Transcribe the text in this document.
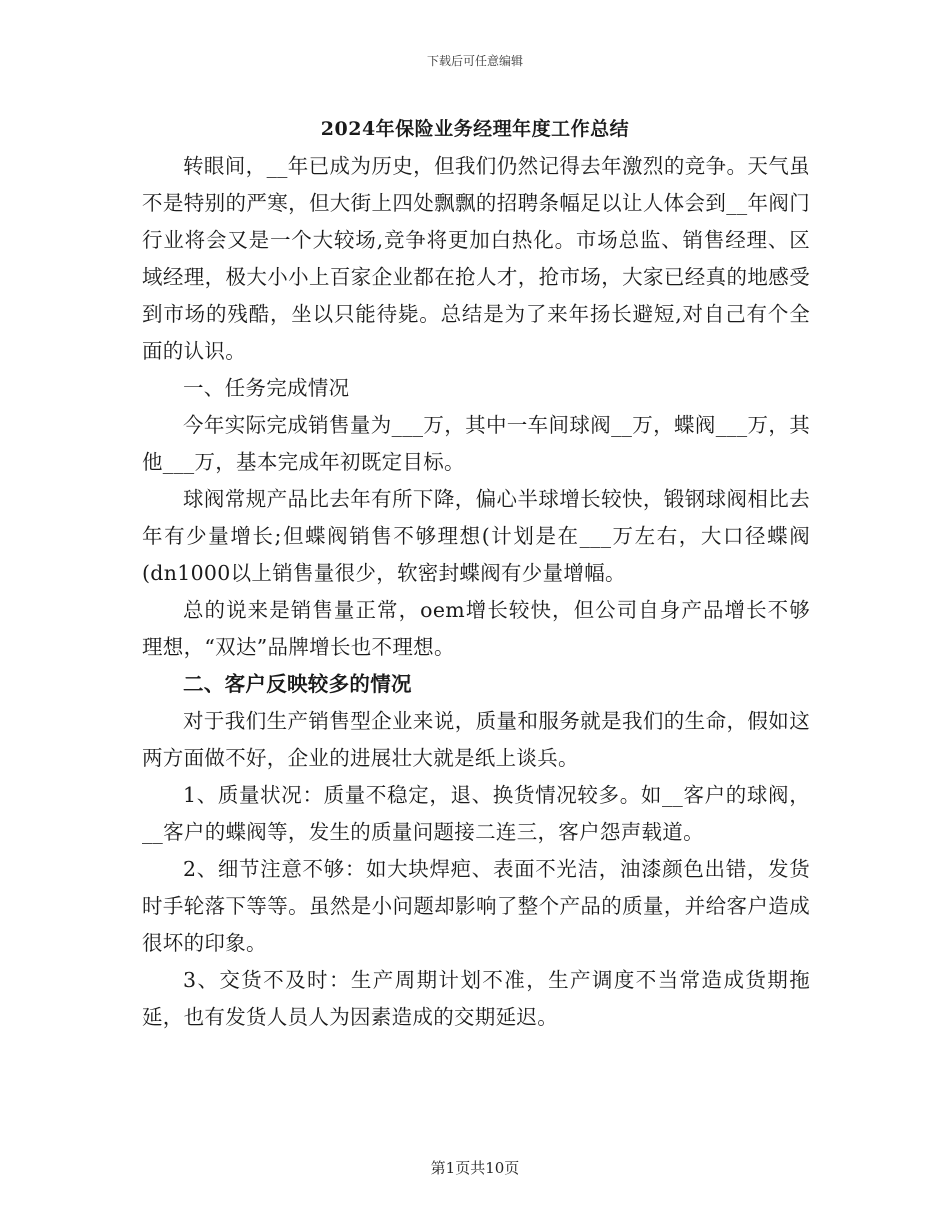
下载后可任意编辑
2024年保险业务经理年度工作总结

转眼间，__年已成为历史，但我们仍然记得去年激烈的竞争。天气虽不是特别的严寒，但大街上四处飘飘的招聘条幅足以让人体会到__年阀门行业将会又是一个大较场,竞争将更加白热化。市场总监、销售经理、区域经理，极大小小上百家企业都在抢人才，抢市场，大家已经真的地感受到市场的残酷，坐以只能待毙。总结是为了来年扬长避短,对自己有个全面的认识。

一、任务完成情况

今年实际完成销售量为___万，其中一车间球阀__万，蝶阀___万，其他___万，基本完成年初既定目标。

球阀常规产品比去年有所下降，偏心半球增长较快，锻钢球阀相比去年有少量增长;但蝶阀销售不够理想(计划是在___万左右，大口径蝶阀(dn1000以上销售量很少，软密封蝶阀有少量增幅。

总的说来是销售量正常，oem增长较快，但公司自身产品增长不够理想，“双达”品牌增长也不理想。

二、客户反映较多的情况

对于我们生产销售型企业来说，质量和服务就是我们的生命，假如这两方面做不好，企业的进展壮大就是纸上谈兵。

1、质量状况：质量不稳定，退、换货情况较多。如__客户的球阀，__客户的蝶阀等，发生的质量问题接二连三，客户怨声载道。

2、细节注意不够：如大块焊疤、表面不光洁，油漆颜色出错，发货时手轮落下等等。虽然是小问题却影响了整个产品的质量，并给客户造成很坏的印象。

3、交货不及时：生产周期计划不准，生产调度不当常造成货期拖延，也有发货人员人为因素造成的交期延迟。

第1页共10页
